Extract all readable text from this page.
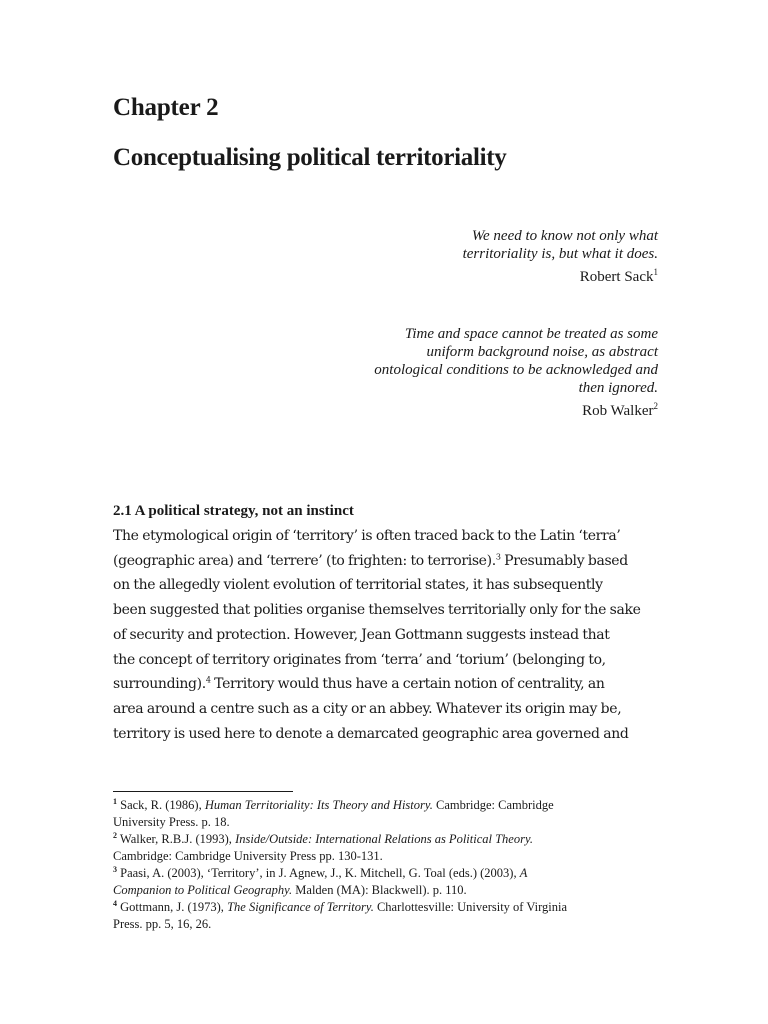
Chapter 2
Conceptualising political territoriality
We need to know not only what
territoriality is, but what it does.
Robert Sack$^1$
Time and space cannot be treated as some
uniform background noise, as abstract
ontological conditions to be acknowledged and
then ignored.
Rob Walker$^2$
2.1 A political strategy, not an instinct
The etymological origin of ‘territory’ is often traced back to the Latin ‘terra’
(geographic area) and ‘terrere’ (to frighten: to terrorise).$^3$ Presumably based
on the allegedly violent evolution of territorial states, it has subsequently
been suggested that polities organise themselves territorially only for the sake
of security and protection. However, Jean Gottmann suggests instead that
the concept of territory originates from ‘terra’ and ‘torium’ (belonging to,
surrounding).$^4$ Territory would thus have a certain notion of centrality, an
area around a centre such as a city or an abbey. Whatever its origin may be,
territory is used here to denote a demarcated geographic area governed and
$^1$ Sack, R. (1986), Human Territoriality: Its Theory and History. Cambridge: Cambridge
University Press. p. 18.
$^2$ Walker, R.B.J. (1993), Inside/Outside: International Relations as Political Theory.
Cambridge: Cambridge University Press pp. 130-131.
$^3$ Paasi, A. (2003), ‘Territory’, in J. Agnew, J., K. Mitchell, G. Toal (eds.) (2003), A
Companion to Political Geography. Malden (MA): Blackwell). p. 110.
$^4$ Gottmann, J. (1973), The Significance of Territory. Charlottesville: University of Virginia
Press. pp. 5, 16, 26.
